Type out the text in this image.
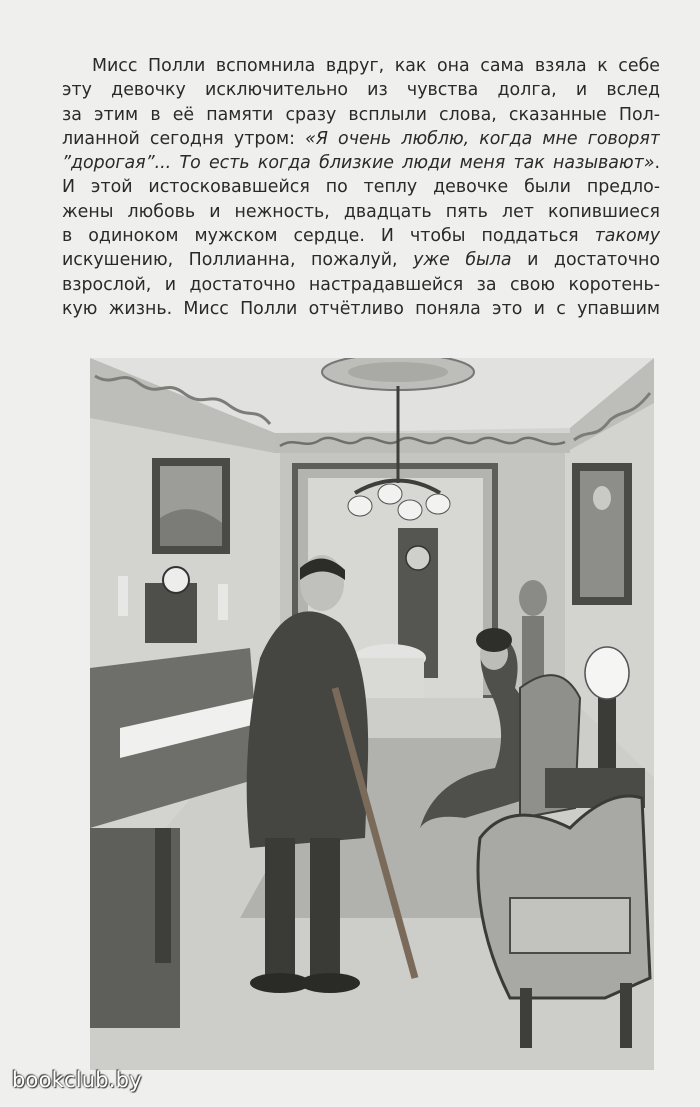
Мисс Полли вспомнила вдруг, как она сама взяла к себе
эту девочку исключительно из чувства долга, и вслед
за этим в её памяти сразу всплыли слова, сказанные Пол-
лианной сегодня утром: «Я очень люблю, когда мне говорят
”дорогая”... То есть когда близкие люди меня так называют».
И этой истосковавшейся по теплу девочке были предло-
жены любовь и нежность, двадцать пять лет копившиеся
в одиноком мужском сердце. И чтобы поддаться такому
искушению, Поллианна, пожалуй, уже была и достаточно
взрослой, и достаточно настрадавшейся за свою коротень-
кую жизнь. Мисс Полли отчётливо поняла это и с упавшим
bookclub.by
